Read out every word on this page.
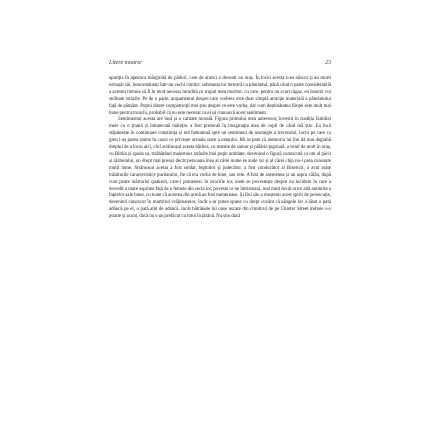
Litere moarte	23

apariția în apeanca mărginită de păduri, care de atunci a devenit un oraș. În locul acesta s-au născut și au murit urmașii săi, înmormântați într-un vechi cimitir; substanța lor terestră cu pământul, până când o parte considerabilă a acestui trebuie să fi în mod necesar înrudită cu trupul meu muritor, cu care, pentru un scurt răgaz, eu însumi voi străbate străzile. Pe de o parte, ataşamentul despre care vorbesc este doar simplă atracție materială a pământului față de pământ. Puțini dintre compatrioții mei știu despre ce este vorba, dar cum deplinătatea ființei este mult mai bune pentru trunchi, probabil că nu este necesar ca ei să cunoască acest sentiment.

Sentimentul acesta are însă și o calitate morală. Figura primului meu antecesor, învestit în tradiția familiei mele cu o ținută și întunecată măreție, a fost prezentă în imaginația mea de copil de când mă știu. Ea încă stăpânește în continuare conștiința și mă îndeamnă spre un sentiment de nostalgie a trecutului, lucru pe care ca greu l-aș putea spune în cazul ce privește actuala stare a orașului. Mi se pare că memoria lui îmi dă mai degrabă dreptul de a locui aici, căci strămoșul acesta bărbos, cu mantie de samur și pălărie țuguiată, a venit de mult în oraș, cu Biblia și spada sa, străbătând maiestuos străzile mai puțin umblate, devenind o figură cunoscută ca om al păcii și războiului, un drept mai presus decât persoana mea al cărei nume se aude rar și al cărei chip nu-l prea cunoaște mulți lume. Strămoșul acesta a fost soldat, legiuitor și judecător, a fost conducător al Bisericii, a avut toate trăsăturile caracteristice puritanilor, fie că era vorba de bine, sau rele. A fost de asemenea și un aspru călău, după cum poate mărturisi quakerii, care-l pomenesc în istoriile lor, unde se povestește despre un incident în care a dovedit o mare asprime față de o femeie din secta lor, poveste ce ne întristează, mai mult decât orice altă amintire a faptelor sale bune, cu toate că acestea din urmă au fost numeroase. Și fiul său a moștenit acest spirit de persecuție, devenind cunoscut în martiriul vrăjitoarelor, încât s-ar putea spune cu drept cuvânt că sângele lor a lăsat o pată adâncă pe el, o pată atât de adâncă, încât bătrânele lui oase uscate din cimitirul de pe Charter Street trebuie s-o poarte și acum, dacă nu s-au prefăcut cu totul în țărână. Nu știu dacă
